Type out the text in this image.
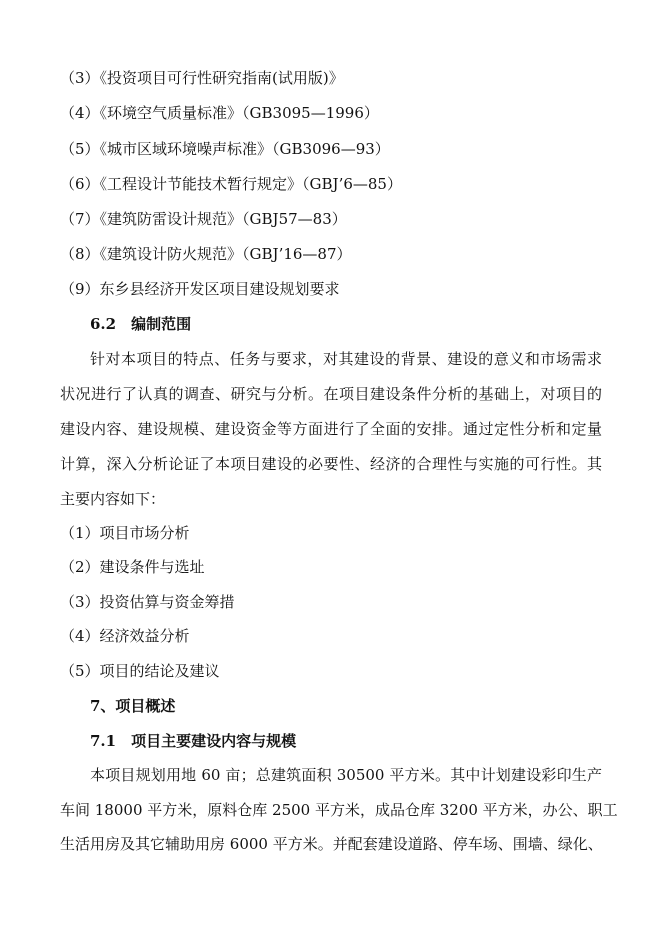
（3）《投资项目可行性研究指南(试用版)》
（4）《环境空气质量标准》（GB3095—1996）
（5）《城市区域环境噪声标准》（GB3096—93）
（6）《工程设计节能技术暂行规定》（GBJ’6—85）
（7）《建筑防雷设计规范》（GBJ57—83）
（8）《建筑设计防火规范》（GBJ’16—87）
（9）东乡县经济开发区项目建设规划要求
6.2　编制范围
针对本项目的特点、任务与要求，对其建设的背景、建设的意义和市场需求
状况进行了认真的调查、研究与分析。在项目建设条件分析的基础上，对项目的
建设内容、建设规模、建设资金等方面进行了全面的安排。通过定性分析和定量
计算，深入分析论证了本项目建设的必要性、经济的合理性与实施的可行性。其
主要内容如下：
（1）项目市场分析
（2）建设条件与选址
（3）投资估算与资金筹措
（4）经济效益分析
（5）项目的结论及建议
7、项目概述
7.1　项目主要建设内容与规模
本项目规划用地 60 亩；总建筑面积 30500 平方米。其中计划建设彩印生产
车间 18000 平方米，原料仓库 2500 平方米，成品仓库 3200 平方米，办公、职工
生活用房及其它辅助用房 6000 平方米。并配套建设道路、停车场、围墙、绿化、
